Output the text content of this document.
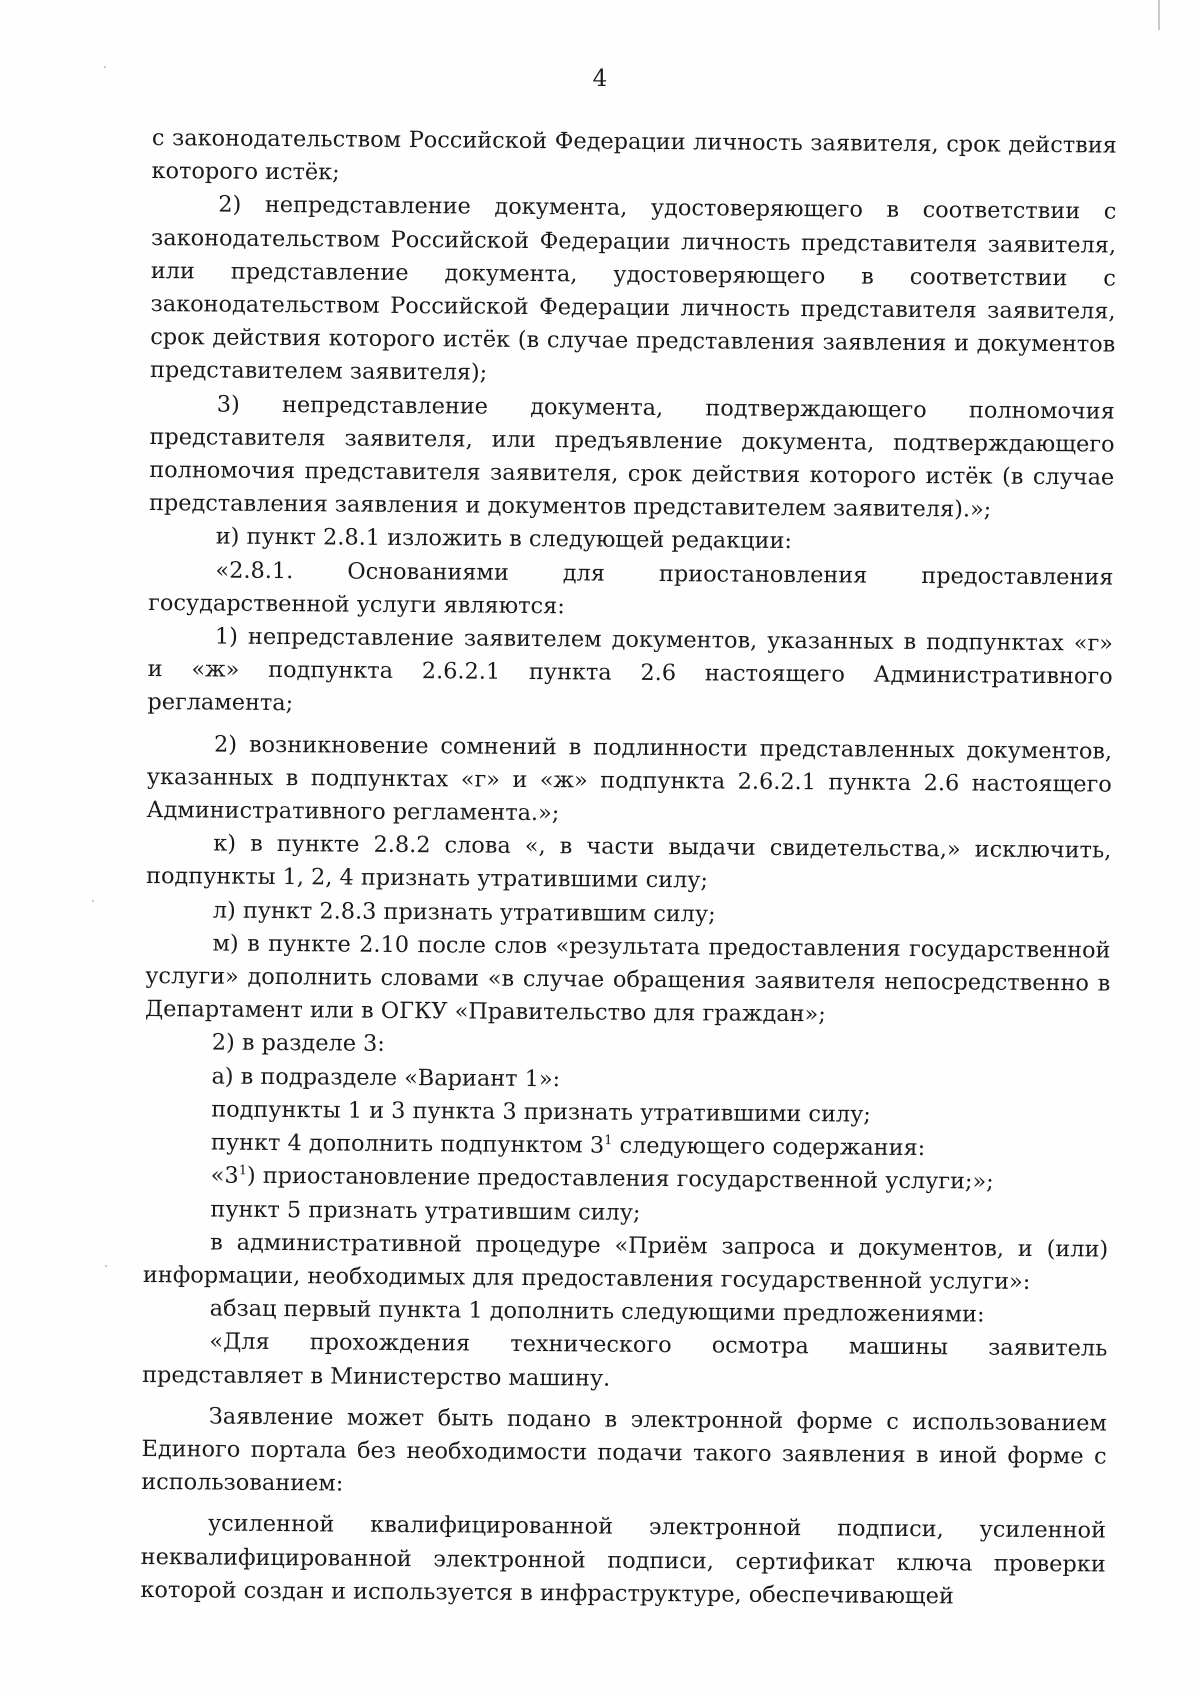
4

с законодательством Российской Федерации личность заявителя, срок действия которого истёк;

2) непредставление документа, удостоверяющего в соответствии с законодательством Российской Федерации личность представителя заявителя, или представление документа, удостоверяющего в соответствии с законодательством Российской Федерации личность представителя заявителя, срок действия которого истёк (в случае представления заявления и документов представителем заявителя);

3) непредставление документа, подтверждающего полномочия представителя заявителя, или предъявление документа, подтверждающего полномочия представителя заявителя, срок действия которого истёк (в случае представления заявления и документов представителем заявителя).»;

и) пункт 2.8.1 изложить в следующей редакции:

«2.8.1. Основаниями для приостановления предоставления государственной услуги являются:

1) непредставление заявителем документов, указанных в подпунктах «г» и «ж» подпункта 2.6.2.1 пункта 2.6 настоящего Административного регламента;

2) возникновение сомнений в подлинности представленных документов, указанных в подпунктах «г» и «ж» подпункта 2.6.2.1 пункта 2.6 настоящего Административного регламента.»;

к) в пункте 2.8.2 слова «, в части выдачи свидетельства,» исключить, подпункты 1, 2, 4 признать утратившими силу;

л) пункт 2.8.3 признать утратившим силу;

м) в пункте 2.10 после слов «результата предоставления государственной услуги» дополнить словами «в случае обращения заявителя непосредственно в Департамент или в ОГКУ «Правительство для граждан»;

2) в разделе 3:

а) в подразделе «Вариант 1»:

подпункты 1 и 3 пункта 3 признать утратившими силу;

пункт 4 дополнить подпунктом $3^1$ следующего содержания:

«$3^1$) приостановление предоставления государственной услуги;»;

пункт 5 признать утратившим силу;

в административной процедуре «Приём запроса и документов, и (или) информации, необходимых для предоставления государственной услуги»:

абзац первый пункта 1 дополнить следующими предложениями:

«Для прохождения технического осмотра машины заявитель представляет в Министерство машину.

Заявление может быть подано в электронной форме с использованием Единого портала без необходимости подачи такого заявления в иной форме с использованием:

усиленной квалифицированной электронной подписи, усиленной неквалифицированной электронной подписи, сертификат ключа проверки которой создан и используется в инфраструктуре, обеспечивающей
